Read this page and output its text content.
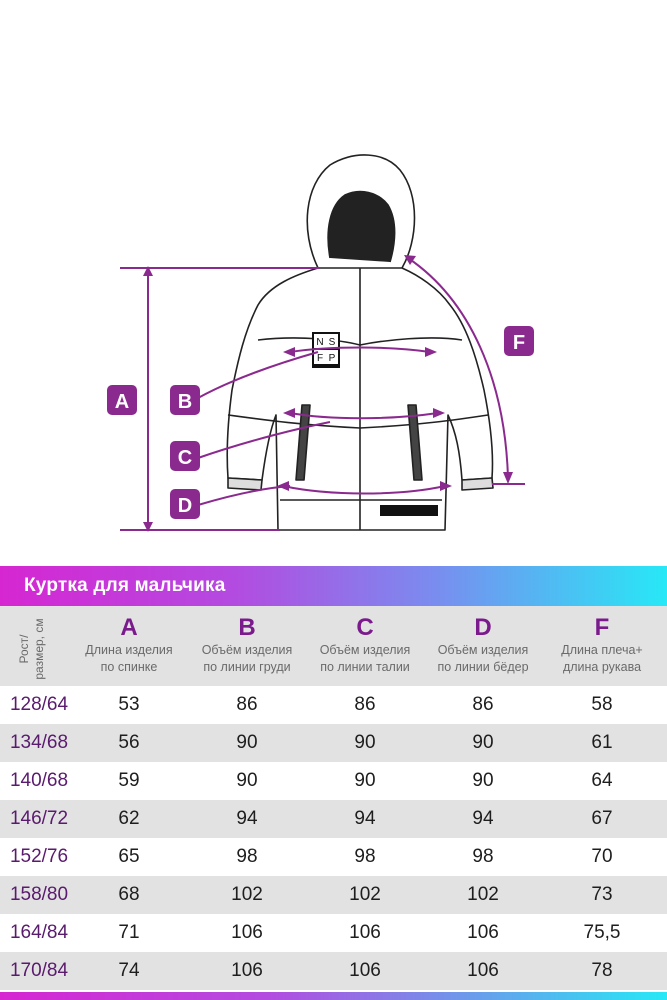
N S
F P
A B
C
D
F
Куртка для мальчика
Рост/
размер, см	A
Длина изделия
по спинке
B
Объём изделия
по линии груди
C
Объём изделия
по линии талии
D
Объём изделия
по линии бёдер
F
Длина плеча+
длина рукава
128/64	53	86	86	86	58
134/68	56	90	90	90	61
140/68	59	90	90	90	64
146/72	62	94	94	94	67
152/76	65	98	98	98	70
158/80	68	102	102	102	73
164/84	71	106	106	106	75,5
170/84	74	106	106	106	78
